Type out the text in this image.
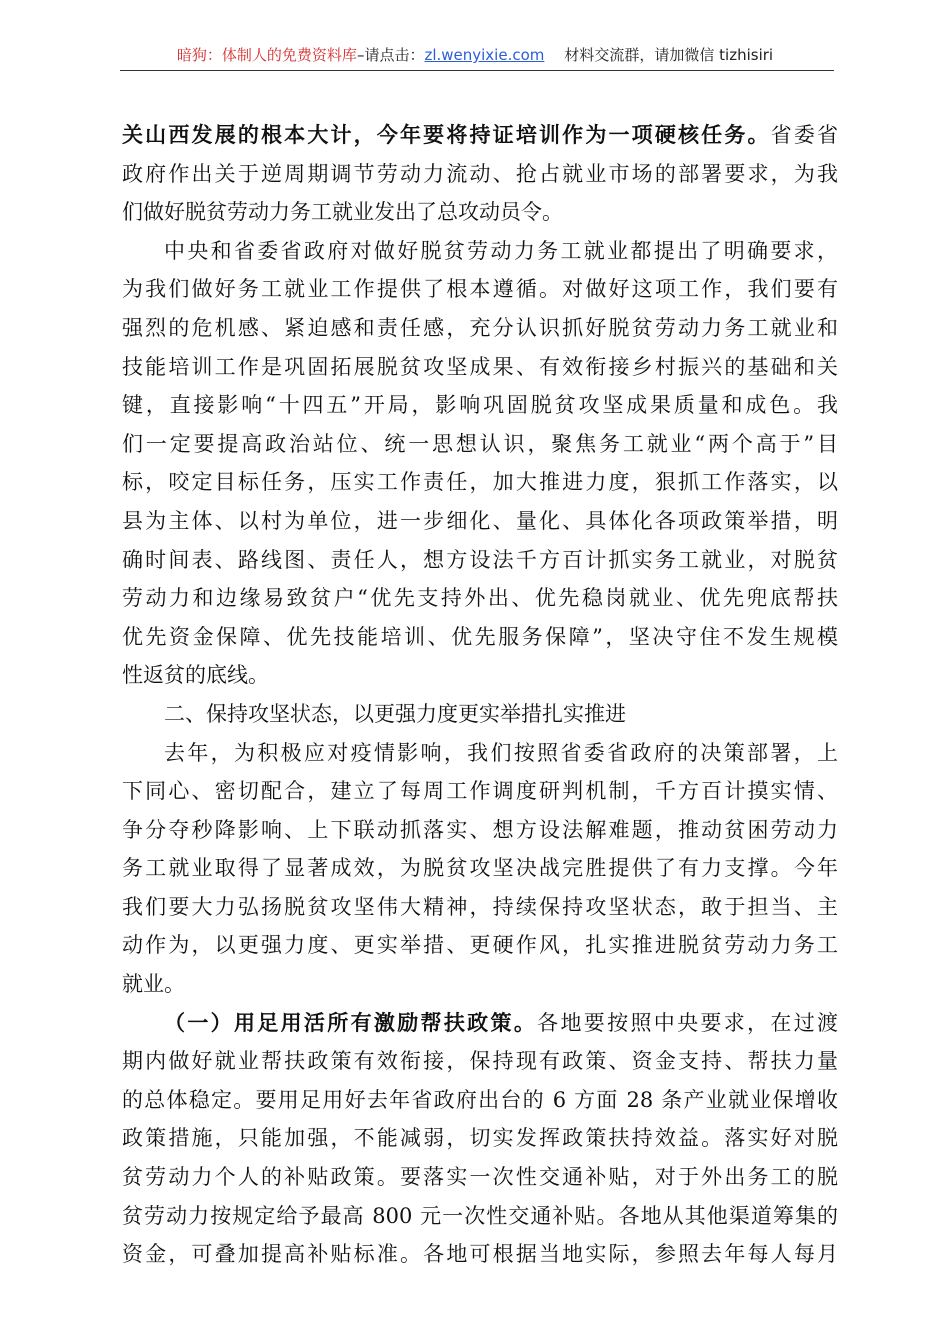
暗狗：体制人的免费资料库–请点击：zl.wenyixie.com 材料交流群，请加微信 tizhisiri
关山西发展的根本大计，今年要将持证培训作为一项硬核任务。省委省
政府作出关于逆周期调节劳动力流动、抢占就业市场的部署要求，为我
们做好脱贫劳动力务工就业发出了总攻动员令。
中央和省委省政府对做好脱贫劳动力务工就业都提出了明确要求，
为我们做好务工就业工作提供了根本遵循。对做好这项工作，我们要有
强烈的危机感、紧迫感和责任感，充分认识抓好脱贫劳动力务工就业和
技能培训工作是巩固拓展脱贫攻坚成果、有效衔接乡村振兴的基础和关
键，直接影响“十四五”开局，影响巩固脱贫攻坚成果质量和成色。我
们一定要提高政治站位、统一思想认识，聚焦务工就业“两个高于”目
标，咬定目标任务，压实工作责任，加大推进力度，狠抓工作落实，以
县为主体、以村为单位，进一步细化、量化、具体化各项政策举措，明
确时间表、路线图、责任人，想方设法千方百计抓实务工就业，对脱贫
劳动力和边缘易致贫户“优先支持外出、优先稳岗就业、优先兜底帮扶
优先资金保障、优先技能培训、优先服务保障”，坚决守住不发生规模
性返贫的底线。
二、保持攻坚状态，以更强力度更实举措扎实推进
去年，为积极应对疫情影响，我们按照省委省政府的决策部署，上
下同心、密切配合，建立了每周工作调度研判机制，千方百计摸实情、
争分夺秒降影响、上下联动抓落实、想方设法解难题，推动贫困劳动力
务工就业取得了显著成效，为脱贫攻坚决战完胜提供了有力支撑。今年
我们要大力弘扬脱贫攻坚伟大精神，持续保持攻坚状态，敢于担当、主
动作为，以更强力度、更实举措、更硬作风，扎实推进脱贫劳动力务工
就业。
（一）用足用活所有激励帮扶政策。各地要按照中央要求，在过渡
期内做好就业帮扶政策有效衔接，保持现有政策、资金支持、帮扶力量
的总体稳定。要用足用好去年省政府出台的 6 方面 28 条产业就业保增收
政策措施，只能加强，不能减弱，切实发挥政策扶持效益。落实好对脱
贫劳动力个人的补贴政策。要落实一次性交通补贴，对于外出务工的脱
贫劳动力按规定给予最高 800 元一次性交通补贴。各地从其他渠道筹集的
资金，可叠加提高补贴标准。各地可根据当地实际，参照去年每人每月
